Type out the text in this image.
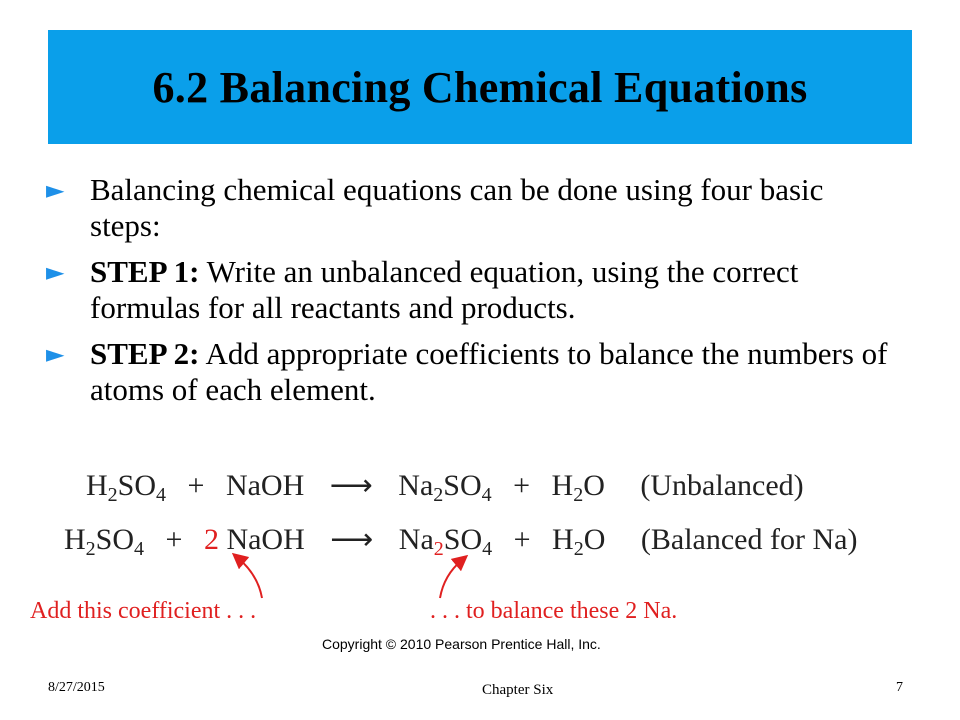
6.2 Balancing Chemical Equations
► Balancing chemical equations can be done using four basic steps:
► STEP 1: Write an unbalanced equation, using the correct formulas for all reactants and products.
► STEP 2: Add appropriate coefficients to balance the numbers of atoms of each element.
$H_2SO_4$ + NaOH ⟶ $Na_2SO_4 + H_2O$ (Unbalanced)
$H_2SO_4 + 2$ NaOH ⟶ $Na_2SO_4 + H_2O$ (Balanced for Na)
Add this coefficient . . .	. . . to balance these 2 Na.
Copyright © 2010 Pearson Prentice Hall, Inc.
8/27/2015	Chapter Six	7
